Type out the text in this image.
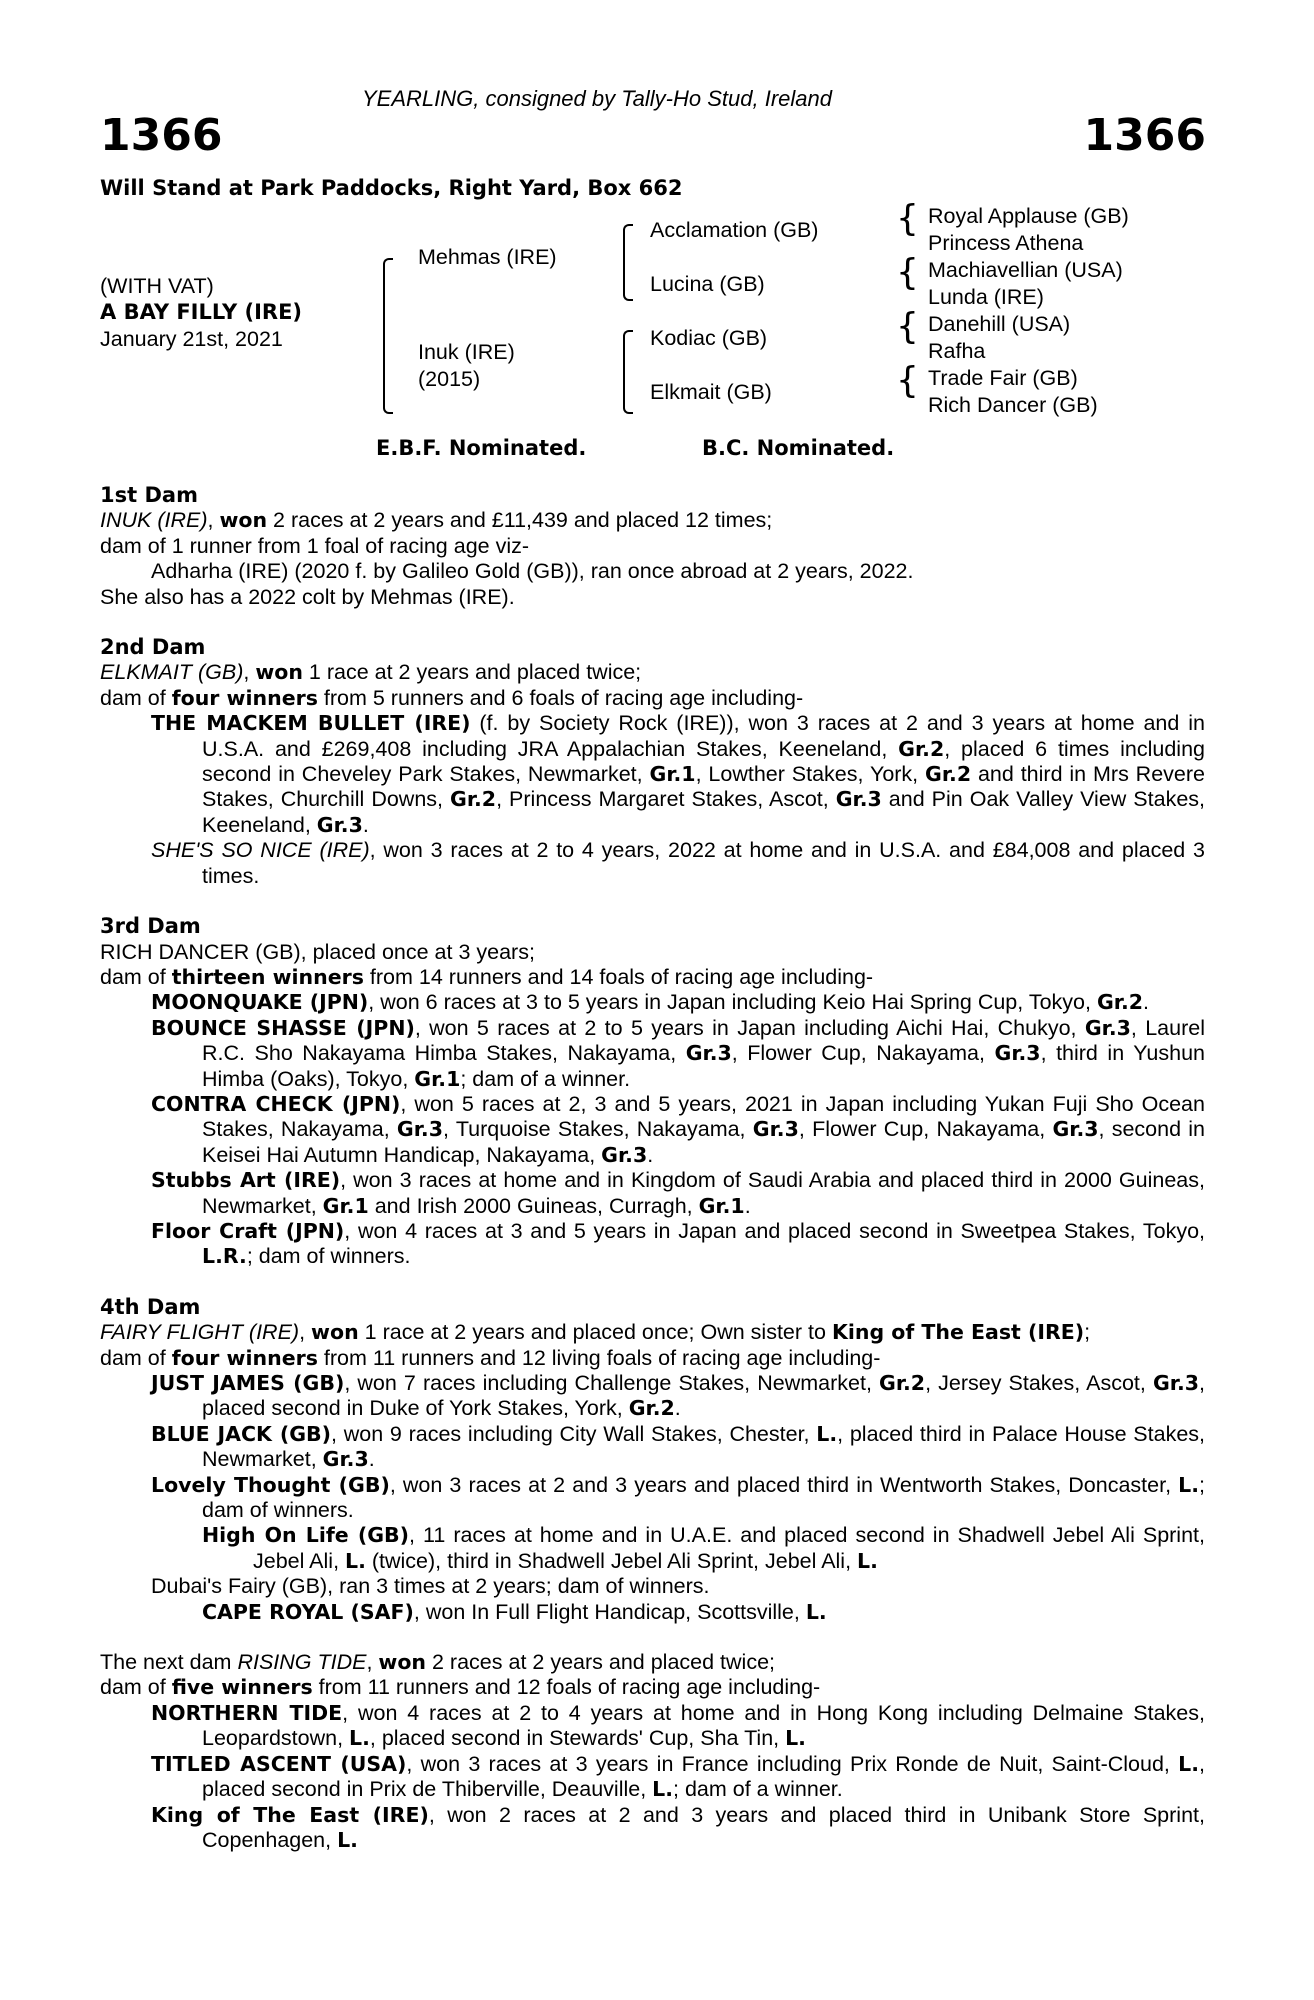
YEARLING, consigned by Tally-Ho Stud, Ireland
1366	1366
Will Stand at Park Paddocks, Right Yard, Box 662
(WITH VAT)
A BAY FILLY (IRE)
January 21st, 2021
Mehmas (IRE)
Inuk (IRE)
(2015)
Acclamation (GB)
Lucina (GB)
Kodiac (GB)
Elkmait (GB)
{
{
{
{
Royal Applause (GB)
Princess Athena
Machiavellian (USA)
Lunda (IRE)
Danehill (USA)
Rafha
Trade Fair (GB)
Rich Dancer (GB)
E.B.F. Nominated.	B.C. Nominated.
1st Dam

INUK (IRE), won 2 races at 2 years and £11,439 and placed 12 times;

dam of 1 runner from 1 foal of racing age viz-

Adharha (IRE) (2020 f. by Galileo Gold (GB)), ran once abroad at 2 years, 2022.

She also has a 2022 colt by Mehmas (IRE).

2nd Dam

ELKMAIT (GB), won 1 race at 2 years and placed twice;

dam of four winners from 5 runners and 6 foals of racing age including-

THE MACKEM BULLET (IRE) (f. by Society Rock (IRE)), won 3 races at 2 and 3 years at home and in U.S.A. and £269,408 including JRA Appalachian Stakes, Keeneland, Gr.2, placed 6 times including second in Cheveley Park Stakes, Newmarket, Gr.1, Lowther Stakes, York, Gr.2 and third in Mrs Revere Stakes, Churchill Downs, Gr.2, Princess Margaret Stakes, Ascot, Gr.3 and Pin Oak Valley View Stakes, Keeneland, Gr.3.

SHE'S SO NICE (IRE), won 3 races at 2 to 4 years, 2022 at home and in U.S.A. and £84,008 and placed 3 times.

3rd Dam

RICH DANCER (GB), placed once at 3 years;

dam of thirteen winners from 14 runners and 14 foals of racing age including-

MOONQUAKE (JPN), won 6 races at 3 to 5 years in Japan including Keio Hai Spring Cup, Tokyo, Gr.2.

BOUNCE SHASSE (JPN), won 5 races at 2 to 5 years in Japan including Aichi Hai, Chukyo, Gr.3, Laurel R.C. Sho Nakayama Himba Stakes, Nakayama, Gr.3, Flower Cup, Nakayama, Gr.3, third in Yushun Himba (Oaks), Tokyo, Gr.1; dam of a winner.

CONTRA CHECK (JPN), won 5 races at 2, 3 and 5 years, 2021 in Japan including Yukan Fuji Sho Ocean Stakes, Nakayama, Gr.3, Turquoise Stakes, Nakayama, Gr.3, Flower Cup, Nakayama, Gr.3, second in Keisei Hai Autumn Handicap, Nakayama, Gr.3.

Stubbs Art (IRE), won 3 races at home and in Kingdom of Saudi Arabia and placed third in 2000 Guineas, Newmarket, Gr.1 and Irish 2000 Guineas, Curragh, Gr.1.

Floor Craft (JPN), won 4 races at 3 and 5 years in Japan and placed second in Sweetpea Stakes, Tokyo, L.R.; dam of winners.

4th Dam

FAIRY FLIGHT (IRE), won 1 race at 2 years and placed once; Own sister to King of The East (IRE);

dam of four winners from 11 runners and 12 living foals of racing age including-

JUST JAMES (GB), won 7 races including Challenge Stakes, Newmarket, Gr.2, Jersey Stakes, Ascot, Gr.3, placed second in Duke of York Stakes, York, Gr.2.

BLUE JACK (GB), won 9 races including City Wall Stakes, Chester, L., placed third in Palace House Stakes, Newmarket, Gr.3.

Lovely Thought (GB), won 3 races at 2 and 3 years and placed third in Wentworth Stakes, Doncaster, L.; dam of winners.

High On Life (GB), 11 races at home and in U.A.E. and placed second in Shadwell Jebel Ali Sprint, Jebel Ali, L. (twice), third in Shadwell Jebel Ali Sprint, Jebel Ali, L.

Dubai's Fairy (GB), ran 3 times at 2 years; dam of winners.

CAPE ROYAL (SAF), won In Full Flight Handicap, Scottsville, L.

The next dam RISING TIDE, won 2 races at 2 years and placed twice;

dam of five winners from 11 runners and 12 foals of racing age including-

NORTHERN TIDE, won 4 races at 2 to 4 years at home and in Hong Kong including Delmaine Stakes, Leopardstown, L., placed second in Stewards' Cup, Sha Tin, L.

TITLED ASCENT (USA), won 3 races at 3 years in France including Prix Ronde de Nuit, Saint-Cloud, L., placed second in Prix de Thiberville, Deauville, L.; dam of a winner.

King of The East (IRE), won 2 races at 2 and 3 years and placed third in Unibank Store Sprint, Copenhagen, L.
